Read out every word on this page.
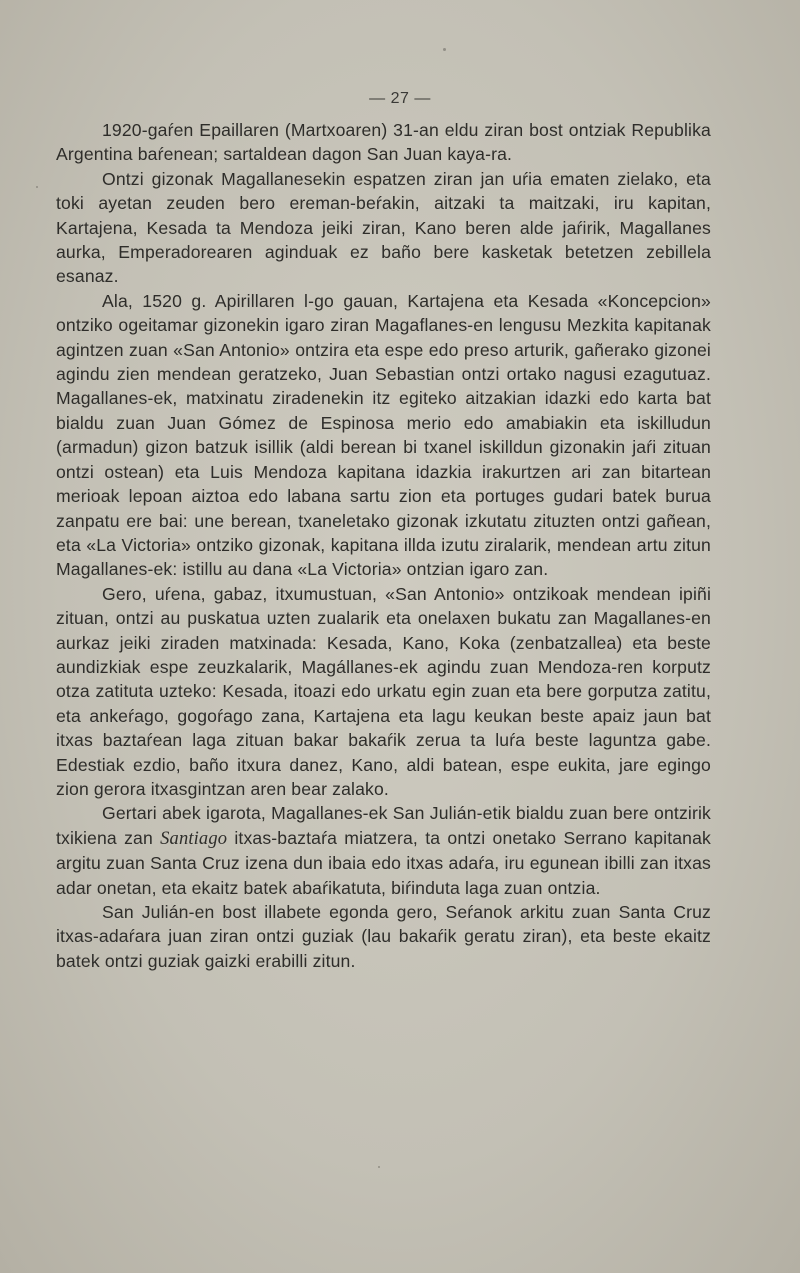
— 27 —

1920-gaŕen Epaillaren (Martxoaren) 31-an eldu ziran bost ontziak Republika Argentina baŕenean; sartaldean dagon San Juan kaya-ra.

Ontzi gizonak Magallanesekin espatzen ziran jan uŕia ematen zielako, eta toki ayetan zeuden bero ereman-beŕakin, aitzaki ta maitzaki, iru kapitan, Kartajena, Kesada ta Mendoza jeiki ziran, Kano beren alde jaŕirik, Magallanes aurka, Emperadorearen aginduak ez baño bere kasketak betetzen zebillela esanaz.

Ala, 1520 g. Apirillaren l-go gauan, Kartajena eta Kesada «Koncepcion» ontziko ogeitamar gizonekin igaro ziran Magaflanes-en lengusu Mezkita kapitanak agintzen zuan «San Antonio» ontzira eta espe edo preso arturik, gañerako gizonei agindu zien mendean geratzeko, Juan Sebastian ontzi ortako nagusi ezagutuaz. Magallanes-ek, matxinatu ziradenekin itz egiteko aitzakian idazki edo karta bat bialdu zuan Juan Gómez de Espinosa merio edo amabiakin eta iskilludun (armadun) gizon batzuk isillik (aldi berean bi txanel iskilldun gizonakin jaŕi zituan ontzi ostean) eta Luis Mendoza kapitana idazkia irakurtzen ari zan bitartean merioak lepoan aiztoa edo labana sartu zion eta portuges gudari batek burua zanpatu ere bai: une berean, txaneletako gizonak izkutatu zituzten ontzi gañean, eta «La Victoria» ontziko gizonak, kapitana illda izutu ziralarik, mendean artu zitun Magallanes-ek: istillu au dana «La Victoria» ontzian igaro zan.

Gero, uŕena, gabaz, itxumustuan, «San Antonio» ontzikoak mendean ipiñi zituan, ontzi au puskatua uzten zualarik eta onelaxen bukatu zan Magallanes-en aurkaz jeiki ziraden matxinada: Kesada, Kano, Koka (zenbatzallea) eta beste aundizkiak espe zeuzkalarik, Magállanes-ek agindu zuan Mendoza-ren korputz otza zatituta uzteko: Kesada, itoazi edo urkatu egin zuan eta bere gorputza zatitu, eta ankeŕago, gogoŕago zana, Kartajena eta lagu keukan beste apaiz jaun bat itxas baztaŕean laga zituan bakar bakaŕik zerua ta luŕa beste laguntza gabe. Edestiak ezdio, baño itxura danez, Kano, aldi batean, espe eukita, jare egingo zion gerora itxasgintzan aren bear zalako.

Gertari abek igarota, Magallanes-ek San Julián-etik bialdu zuan bere ontzirik txikiena zan Santiago itxas-baztaŕa miatzera, ta ontzi onetako Serrano kapitanak argitu zuan Santa Cruz izena dun ibaia edo itxas adaŕa, iru egunean ibilli zan itxas adar onetan, eta ekaitz batek abaŕikatuta, biŕinduta laga zuan ontzia.

San Julián-en bost illabete egonda gero, Seŕanok arkitu zuan Santa Cruz itxas-adaŕara juan ziran ontzi guziak (lau bakaŕik geratu ziran), eta beste ekaitz batek ontzi guziak gaizki erabilli zitun.
